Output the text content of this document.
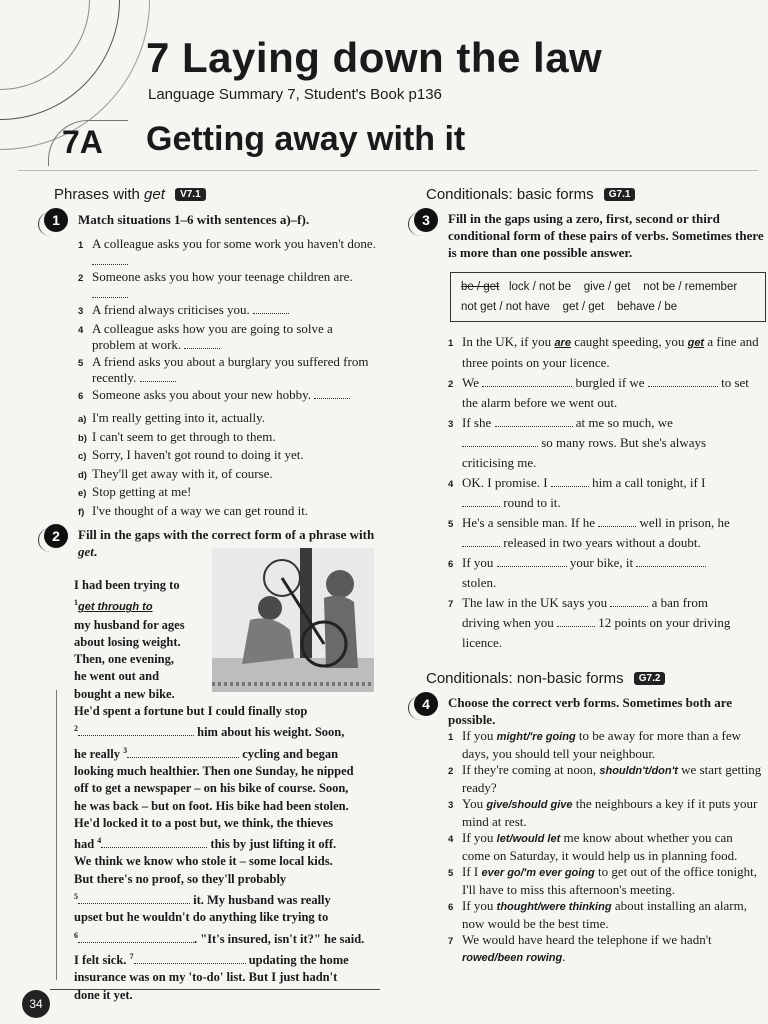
7 Laying down the law
Language Summary 7, Student's Book p136
7A Getting away with it
Phrases with get V7.1
1	Match situations 1–6 with sentences a)–f).
1 A colleague asks you for some work you haven't done.
2 Someone asks you how your teenage children are.
3 A friend always criticises you.
4 A colleague asks how you are going to solve a problem at work.
5 A friend asks you about a burglary you suffered from recently.
6 Someone asks you about your new hobby.
a) I'm really getting into it, actually.
b) I can't seem to get through to them.
c) Sorry, I haven't got round to doing it yet.
d) They'll get away with it, of course.
e) Stop getting at me!
f) I've thought of a way we can get round it.
2	Fill in the gaps with the correct form of a phrase with get.
I had been trying to
$^1$get through to
my husband for ages
about losing weight.
Then, one evening,
he went out and
bought a new bike.
He'd spent a fortune but I could finally stop
$^2$	him about his weight. Soon,
he really $^3$	cycling and began
looking much healthier. Then one Sunday, he nipped
off to get a newspaper – on his bike of course. Soon,
he was back – but on foot. His bike had been stolen.
He'd locked it to a post but, we think, the thieves
had $^4$	this by just lifting it off.
We think we know who stole it – some local kids.
But there's no proof, so they'll probably
$^5$	it. My husband was really
upset but he wouldn't do anything like trying to
$^6$	. "It's insured, isn't it?" he said.
I felt sick. $^7$	updating the home
insurance was on my 'to-do' list. But I just hadn't
done it yet.
Conditionals: basic forms G7.1
3	Fill in the gaps using a zero, first, second or third conditional form of these pairs of verbs. Sometimes there is more than one possible answer.
be / get lock / not be give / get not be / remember
not get / not have get / get behave / be
1 In the UK, if you are caught speeding, you get a fine and three points on your licence.
2 We	burgled if we	to set
the alarm before we went out.
3 If she	at me so much, we
so many rows. But she's always
criticising me.
4 OK. I promise. I	him a call tonight, if I
round to it.
5 He's a sensible man. If he	well in prison, he
released in two years without a doubt.
6 If you	your bike, it
stolen.
7 The law in the UK says you	a ban from
driving when you	12 points on your driving
licence.
Conditionals: non-basic forms G7.2
4	Choose the correct verb forms. Sometimes both are possible.
1 If you might/'re going to be away for more than a few days, you should tell your neighbour.
2 If they're coming at noon, shouldn't/don't we start getting ready?
3 You give/should give the neighbours a key if it puts your mind at rest.
4 If you let/would let me know about whether you can come on Saturday, it would help us in planning food.
5 If I ever go/'m ever going to get out of the office tonight, I'll have to miss this afternoon's meeting.
6 If you thought/were thinking about installing an alarm, now would be the best time.
7 We would have heard the telephone if we hadn't rowed/been rowing.
34
